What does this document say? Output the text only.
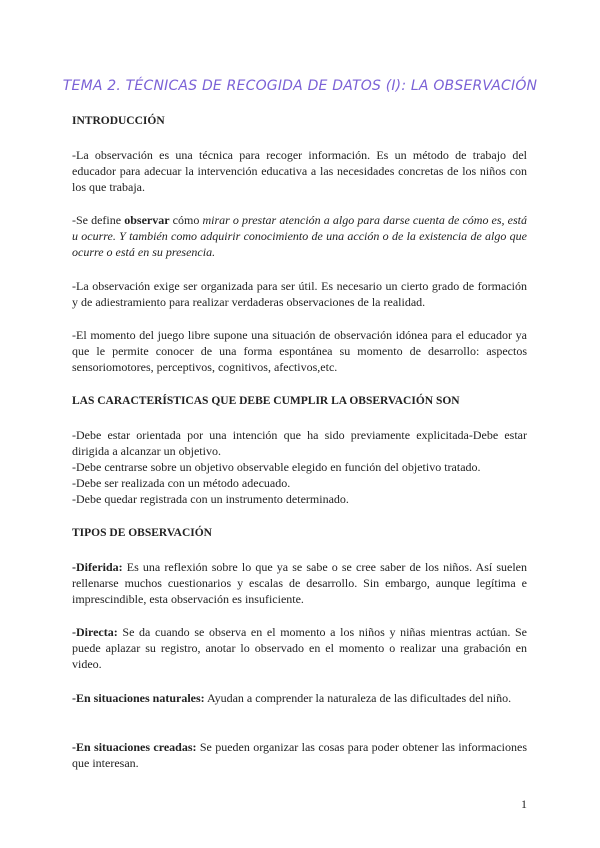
TEMA 2. TÉCNICAS DE RECOGIDA DE DATOS (I): LA OBSERVACIÓN

INTRODUCCIÓN

-La observación es una técnica para recoger información. Es un método de trabajo del educador para adecuar la intervención educativa a las necesidades concretas de los niños con los que trabaja.

-Se define observar cómo mirar o prestar atención a algo para darse cuenta de cómo es, está u ocurre. Y también como adquirir conocimiento de una acción o de la existencia de algo que ocurre o está en su presencia.

-La observación exige ser organizada para ser útil. Es necesario un cierto grado de formación y de adiestramiento para realizar verdaderas observaciones de la realidad.

-El momento del juego libre supone una situación de observación idónea para el educador ya que le permite conocer de una forma espontánea su momento de desarrollo: aspectos sensoriomotores, perceptivos, cognitivos, afectivos,etc.

LAS CARACTERÍSTICAS QUE DEBE CUMPLIR LA OBSERVACIÓN SON

-Debe estar orientada por una intención que ha sido previamente explicitada-Debe estar dirigida a alcanzar un objetivo.
-Debe centrarse sobre un objetivo observable elegido en función del objetivo tratado.
-Debe ser realizada con un método adecuado.
-Debe quedar registrada con un instrumento determinado.

TIPOS DE OBSERVACIÓN

-Diferida: Es una reflexión sobre lo que ya se sabe o se cree saber de los niños. Así suelen rellenarse muchos cuestionarios y escalas de desarrollo. Sin embargo, aunque legítima e imprescindible, esta observación es insuficiente.

-Directa: Se da cuando se observa en el momento a los niños y niñas mientras actúan. Se puede aplazar su registro, anotar lo observado en el momento o realizar una grabación en video.

-En situaciones naturales: Ayudan a comprender la naturaleza de las dificultades del niño.

-En situaciones creadas: Se pueden organizar las cosas para poder obtener las informaciones que interesan.

1
